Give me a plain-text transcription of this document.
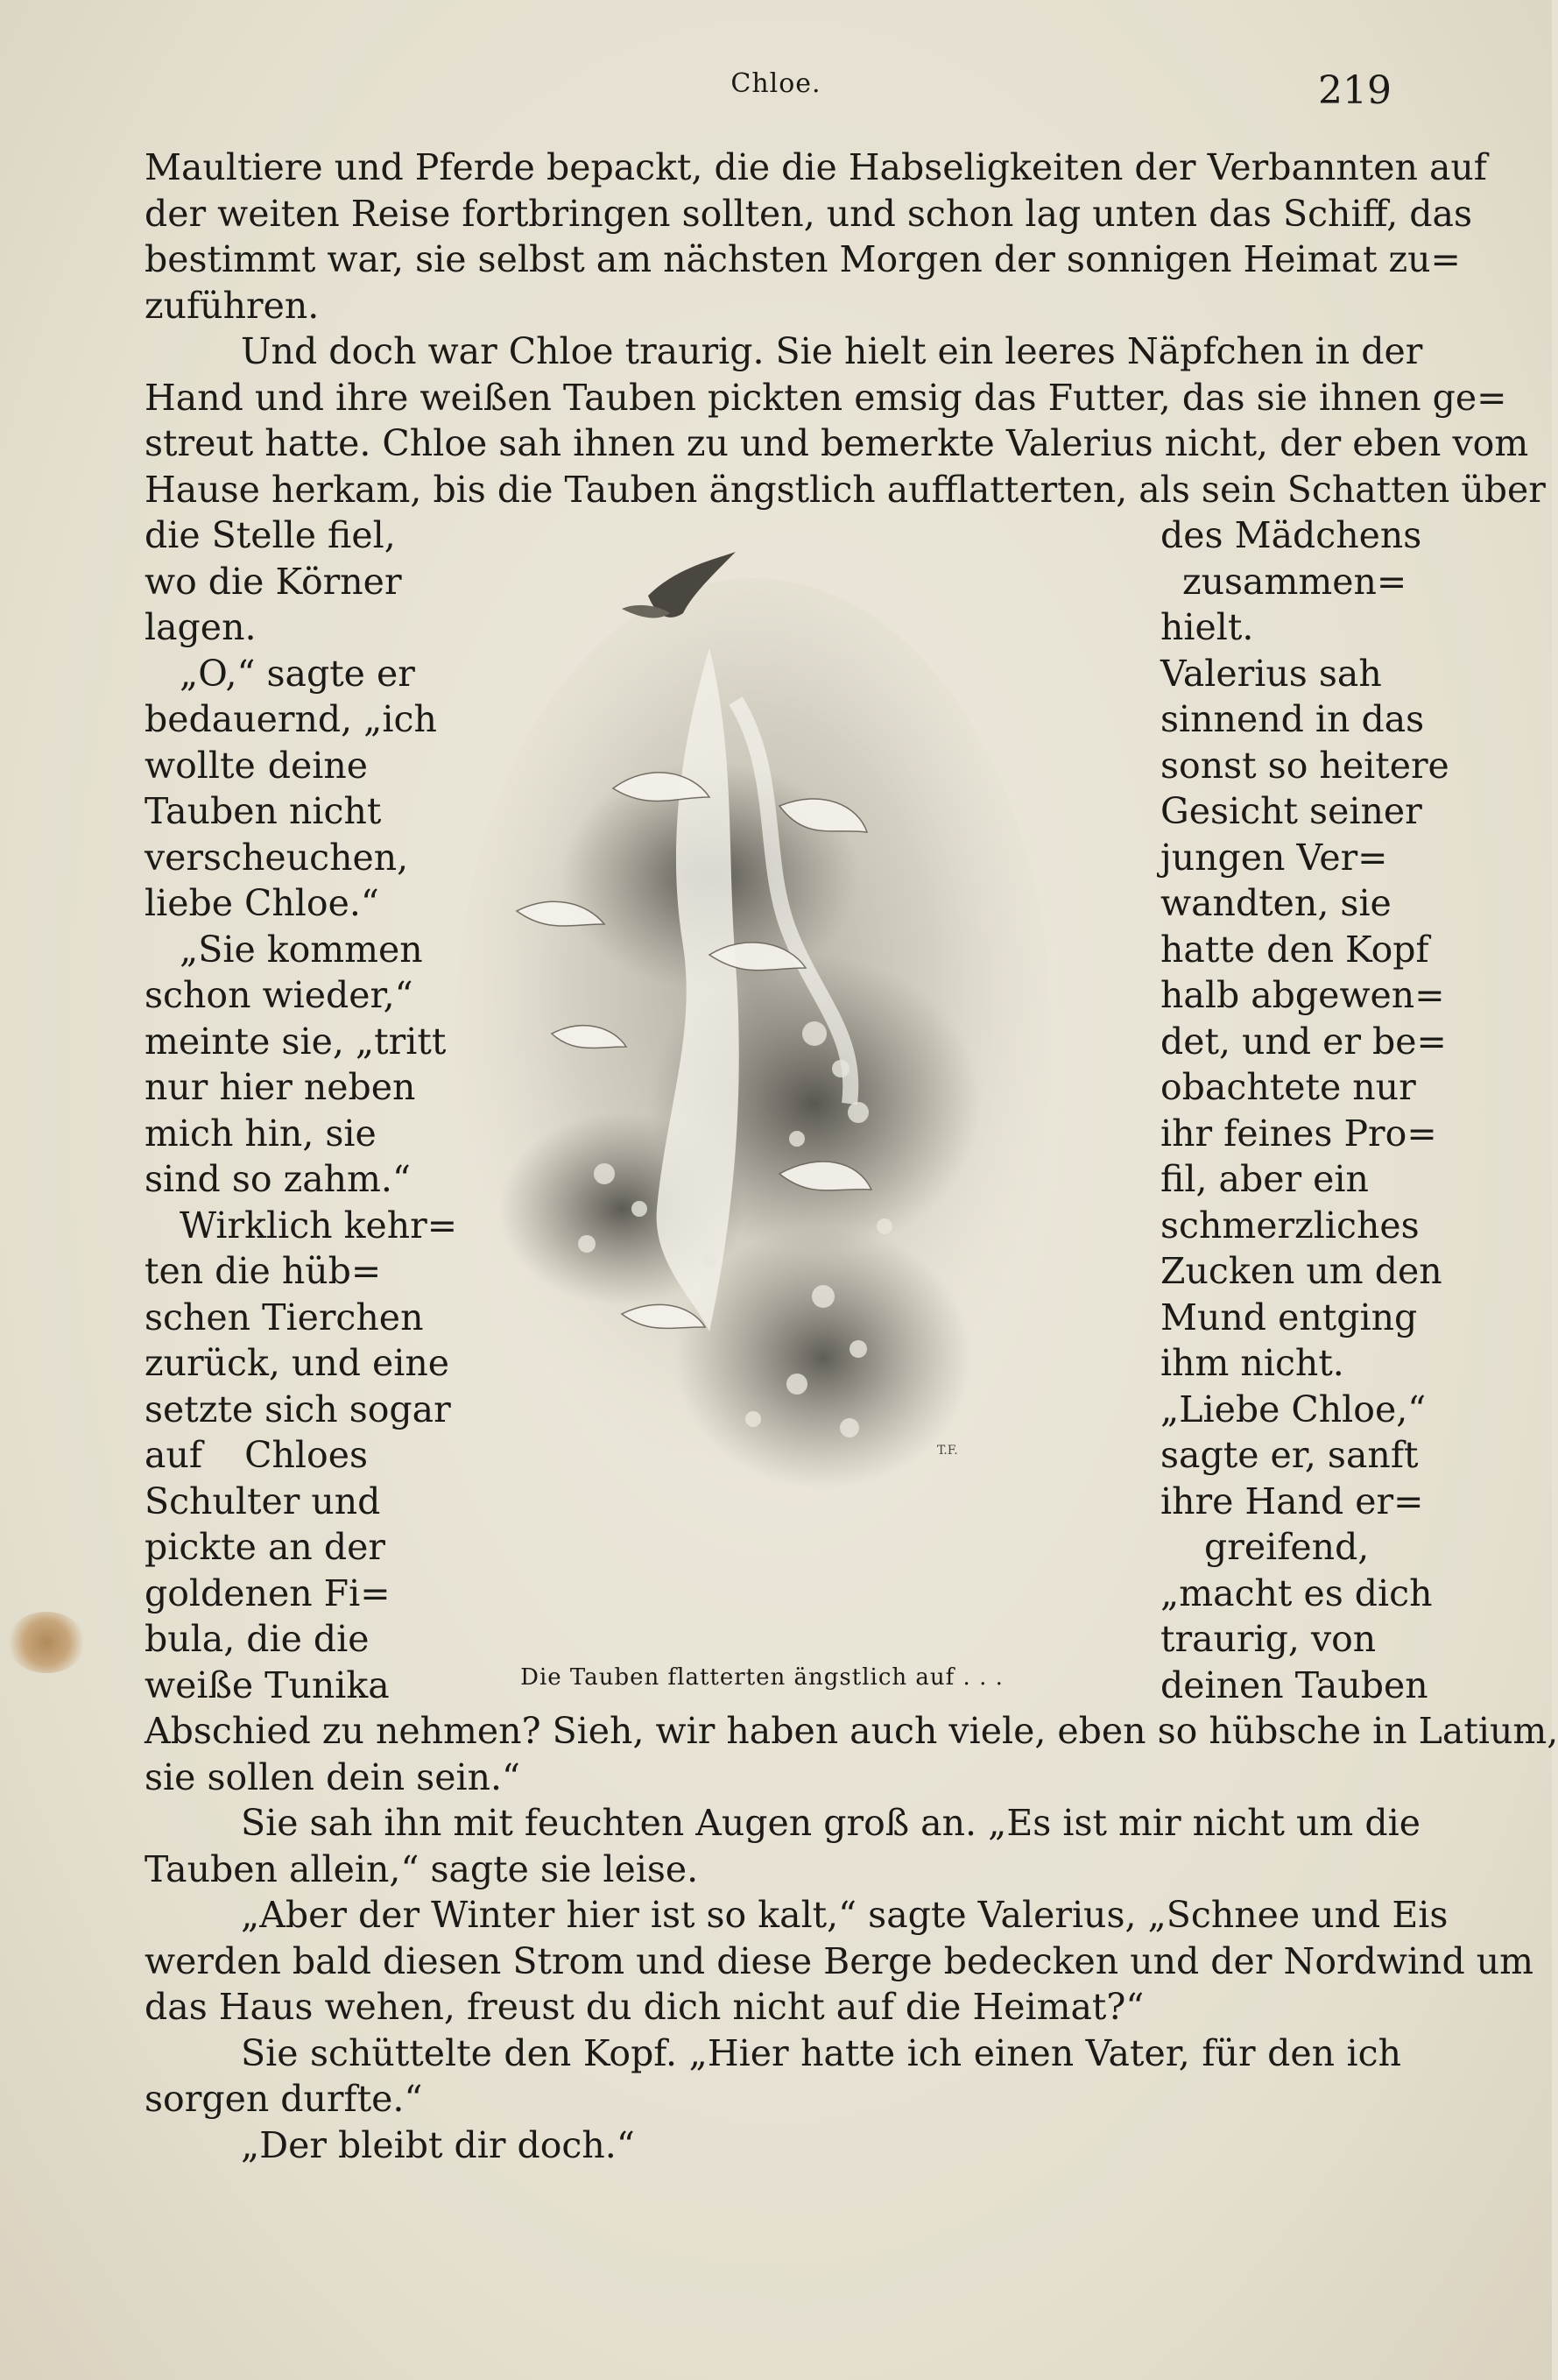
Chloe.	219
Maultiere und Pferde bepackt, die die Habseligkeiten der Verbannten auf
der weiten Reise fortbringen sollten, und schon lag unten das Schiff, das
bestimmt war, sie selbst am nächsten Morgen der sonnigen Heimat zu=
zuführen.
Und doch war Chloe traurig. Sie hielt ein leeres Näpfchen in der
Hand und ihre weißen Tauben pickten emsig das Futter, das sie ihnen ge=
streut hatte. Chloe sah ihnen zu und bemerkte Valerius nicht, der eben vom
Hause herkam, bis die Tauben ängstlich aufflatterten, als sein Schatten über
die Stelle fiel,
wo die Körner
lagen.
„O,“ sagte er
bedauernd, „ich
wollte deine
Tauben nicht
verscheuchen,
liebe Chloe.“
„Sie kommen
schon wieder,“
meinte sie, „tritt
nur hier neben
mich hin, sie
sind so zahm.“
Wirklich kehr=
ten die hüb=
schen Tierchen
zurück, und eine
setzte sich sogar
auf Chloes
Schulter und
pickte an der
goldenen Fi=
bula, die die
weiße Tunika
des Mädchens
zusammen=
hielt.
Valerius sah
sinnend in das
sonst so heitere
Gesicht seiner
jungen Ver=
wandten, sie
hatte den Kopf
halb abgewen=
det, und er be=
obachtete nur
ihr feines Pro=
fil, aber ein
schmerzliches
Zucken um den
Mund entging
ihm nicht.
„Liebe Chloe,“
sagte er, sanft
ihre Hand er=
greifend,
„macht es dich
traurig, von
deinen Tauben
T.F.
Die Tauben flatterten ängstlich auf . . .
Abschied zu nehmen? Sieh, wir haben auch viele, eben so hübsche in Latium,
sie sollen dein sein.“
Sie sah ihn mit feuchten Augen groß an. „Es ist mir nicht um die
Tauben allein,“ sagte sie leise.
„Aber der Winter hier ist so kalt,“ sagte Valerius, „Schnee und Eis
werden bald diesen Strom und diese Berge bedecken und der Nordwind um
das Haus wehen, freust du dich nicht auf die Heimat?“
Sie schüttelte den Kopf. „Hier hatte ich einen Vater, für den ich
sorgen durfte.“
„Der bleibt dir doch.“
